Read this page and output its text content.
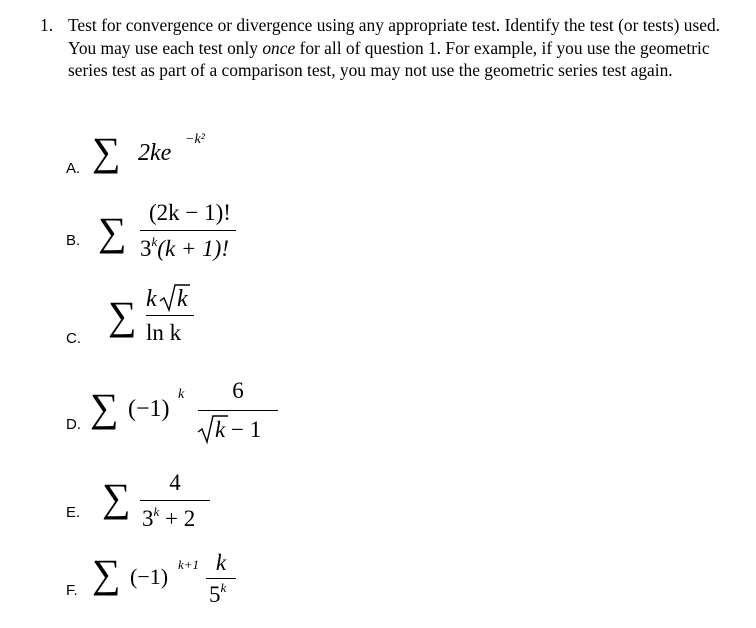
1. Test for convergence or divergence using any appropriate test. Identify the test (or tests) used. You may use each test only once for all of question 1. For example, if you use the geometric series test as part of a comparison test, you may not use the geometric series test again.
A. ∑ 2ke
−k²
B. ∑ (2k − 1)!
$3^k(k + 1)$!
C.
∑ k k
ln k
D. ∑ (−1)
k	6
k − 1
E. ∑	4
$3^k + 2$
F. ∑ (−1) k+1 k
5$^k$
